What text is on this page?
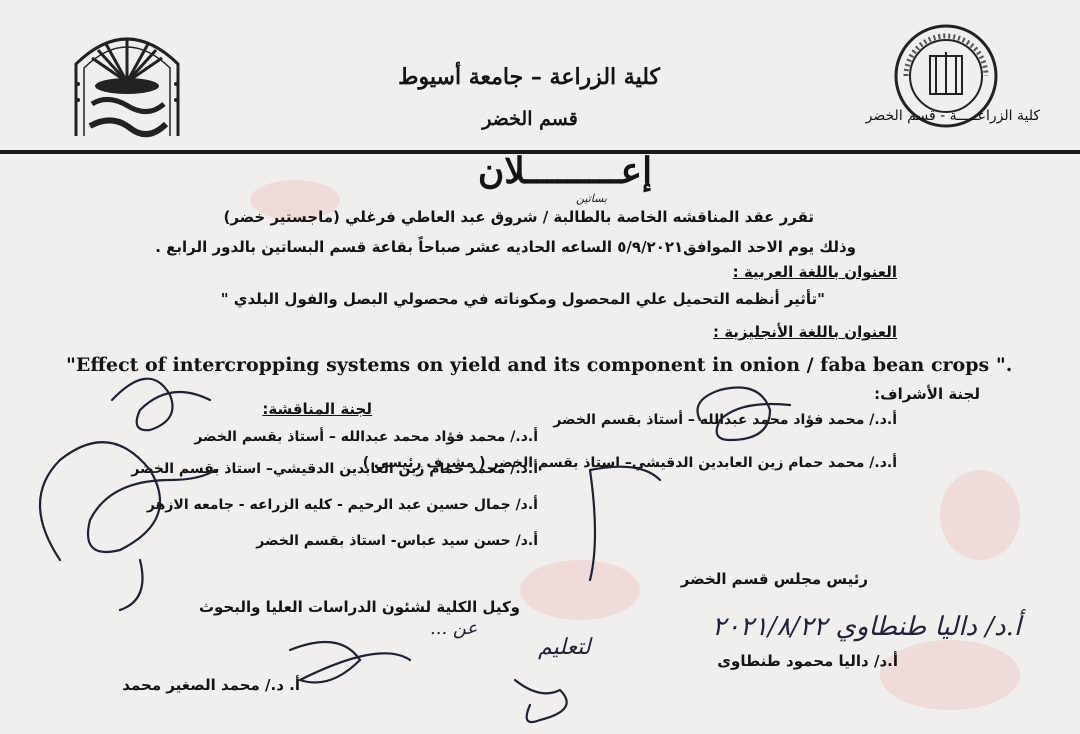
كلية الزراعـــــة - قسم الخضر
كلية الزراعة – جامعة أسيوط
قسم الخضر
إعـــــــــلان
تقرر عقد المناقشه الخاصة بالطالبة / شروق عبد العاطي فرغلي (ماجستير خضر)
بساتين
وذلك يوم الاحد الموافق٥/٩/٢٠٢١ الساعه الحاديه عشر صباحاً بقاعة قسم البساتين بالدور الرابع .
العنوان باللغة العربية :
"تأثير أنظمه التحميل علي المحصول ومكوناته في محصولي البصل والفول البلدي "
العنوان باللغة الأنجليزية :
"Effect of intercropping systems on yield and its component in onion / faba bean crops ".
لجنة الأشراف:
أ.د./ محمد فؤاد محمد عبدالله – أستاذ بقسم الخضر
أ.د./ محمد حمام زين العابدين الدقيشي– استاذ بقسم الخضر ( مشرف رئيسي )
لجنة المناقشة:
أ.د./ محمد فؤاد محمد عبدالله – أستاذ بقسم الخضر
أ.د./ محمد حمام زين العابدين الدقيشي– استاذ بقسم الخضر
أ.د/ جمال حسين عبد الرحيم - كليه الزراعه - جامعه الازهر
أ.د/ حسن سيد عباس- استاذ بقسم الخضر
وكيل الكلية لشئون الدراسات العليا والبحوث
أ. د./ محمد الصغير محمد
رئيس مجلس قسم الخضر
أ.د/ داليا محمود طنطاوى
أ.د/ داليا طنطاوي ٢٠٢١/٨/٢٢
لتعليم
عن ...
